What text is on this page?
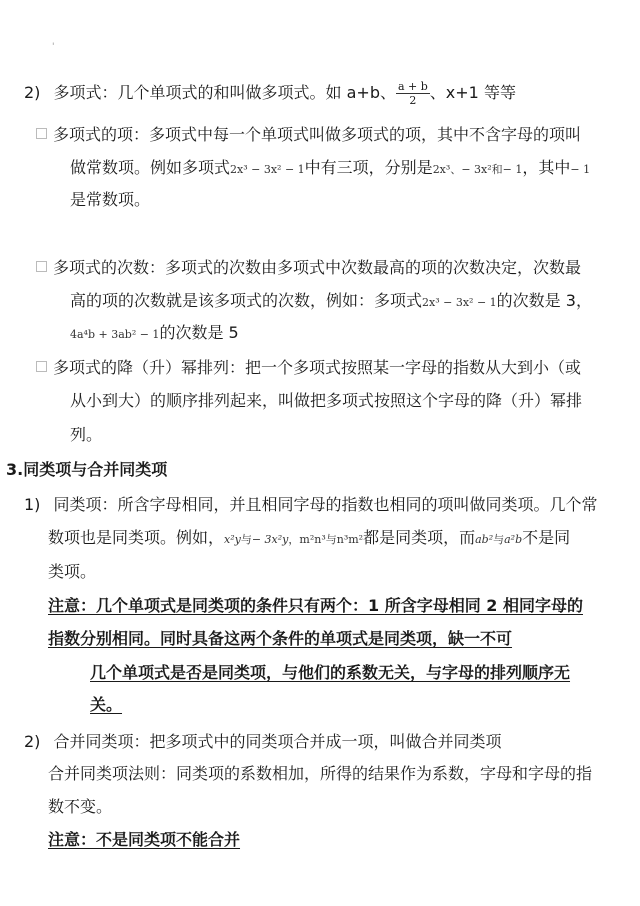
'
2) 多项式：几个单项式的和叫做多项式。如 a+b、 $\frac{a + b}{2}$ 、x+1 等等
多项式的项：多项式中每一个单项式叫做多项式的项，其中不含字母的项叫
做常数项。例如多项式2x³ − 3x² − 1中有三项，分别是2x³、− 3x²和− 1，其中− 1
是常数项。
多项式的次数：多项式的次数由多项式中次数最高的项的次数决定，次数最
高的项的次数就是该多项式的次数，例如：多项式2x³ − 3x² − 1的次数是 3，
4a⁴b + 3ab² − 1的次数是 5
多项式的降（升）幂排列：把一个多项式按照某一字母的指数从大到小（或
从小到大）的顺序排列起来，叫做把多项式按照这个字母的降（升）幂排
列。
3.同类项与合并同类项
1) 同类项：所含字母相同，并且相同字母的指数也相同的项叫做同类项。几个常
数项也是同类项。例如，x²y与− 3x²y，m²n³与n³m²都是同类项，而ab²与a²b不是同
类项。
注意：几个单项式是同类项的条件只有两个：1 所含字母相同 2 相同字母的
指数分别相同。同时具备这两个条件的单项式是同类项，缺一不可
几个单项式是否是同类项，与他们的系数无关，与字母的排列顺序无
关。
2) 合并同类项：把多项式中的同类项合并成一项，叫做合并同类项
合并同类项法则：同类项的系数相加，所得的结果作为系数，字母和字母的指
数不变。
注意：不是同类项不能合并
